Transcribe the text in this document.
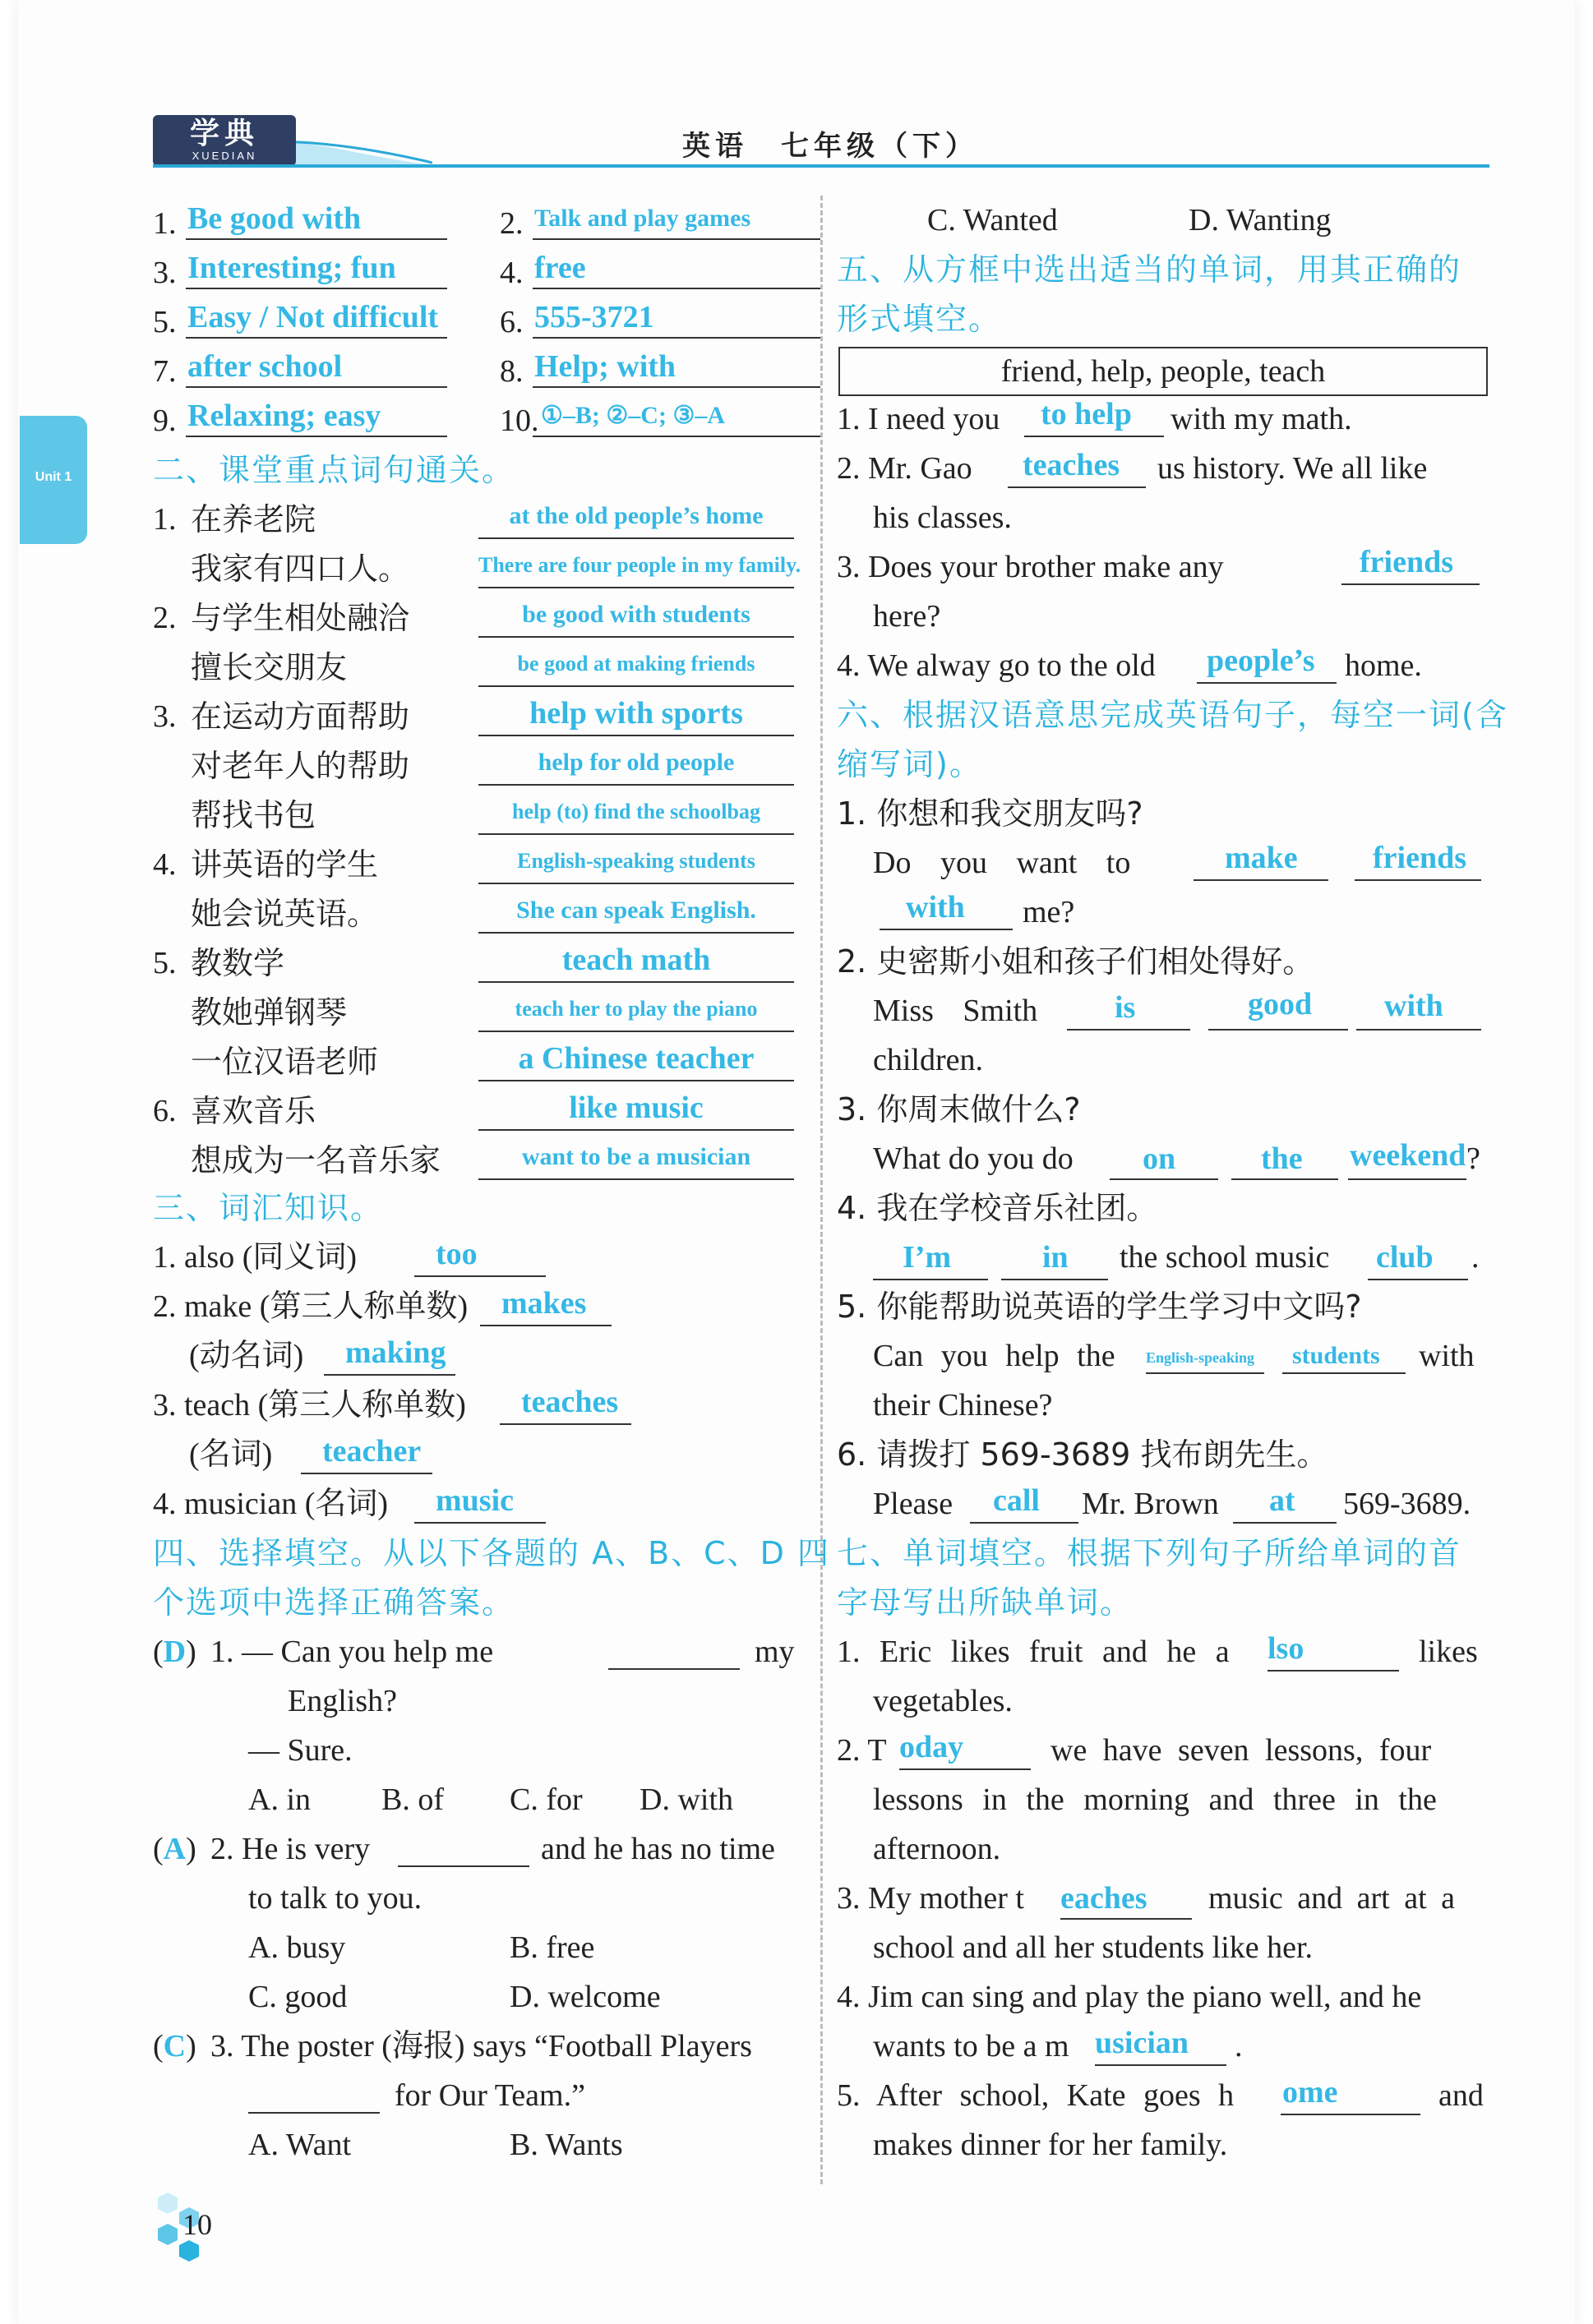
学典
XUEDIAN	英语　七年级（下）
Unit 1
1. Be good with	2. Talk and play games
3. Interesting; fun	4. free
5. Easy / Not difficult 6. 555-3721
7. after school	8. Help; with
9. Relaxing; easy	10. ①–B; ②–C; ③–A
二、课堂重点词句通关。
1. 在养老院	at the old people’s home
我家有四口人。	There are four people in my family.
2. 与学生相处融洽	be good with students
擅长交朋友	be good at making friends
3. 在运动方面帮助	help with sports
对老年人的帮助	help for old people
帮找书包	help (to) find the schoolbag
4. 讲英语的学生	English-speaking students
她会说英语。	She can speak English.
5. 教数学	teach math
教她弹钢琴	teach her to play the piano
一位汉语老师	a Chinese teacher
6. 喜欢音乐	like music
想成为一名音乐家	want to be a musician
三、词汇知识。
1. also (同义词)	too
2. make (第三人称单数) makes
(动名词) making
3. teach (第三人称单数) teaches
(名词) teacher
4. musician (名词) music
四、选择填空。从以下各题的 A、B、C、D 四
个选项中选择正确答案。
(D) 1. — Can you help me	my
English?
— Sure.
A. in B. of C. for D. with
(A) 2. He is very	and he has no time
to talk to you.
A. busy	B. free
C. good	D. welcome
(C) 3. The poster (海报) says “Football Players
for Our Team.”
A. Want	B. Wants
C. Wanted	D. Wanting
五、从方框中选出适当的单词，用其正确的
形式填空。
friend, help, people, teach
1. I need you to help with my math.
2. Mr. Gao teaches us history. We all like
his classes.
3. Does your brother make any	friends
here?
4. We alway go to the old people’s home.
六、根据汉语意思完成英语句子，每空一词(含
缩写词)。
1. 你想和我交朋友吗?
Do you want to	make friends
with me?
2. 史密斯小姐和孩子们相处得好。
Miss Smith is	good with
children.
3. 你周末做什么?
What do you do on	the weekend ?
4. 我在学校音乐社团。
I’m	in the school music club .
5. 你能帮助说英语的学生学习中文吗?
Can you help the English-speaking students with
their Chinese?
6. 请拨打 569-3689 找布朗先生。
Please call Mr. Brown at 569-3689.
七、单词填空。根据下列句子所给单词的首
字母写出所缺单词。
1. Eric likes fruit and he a lso	likes
vegetables.
2. T oday	we have seven lessons, four
lessons in the morning and three in the
afternoon.
3. My mother t eaches music and art at a
school and all her students like her.
4. Jim can sing and play the piano well, and he
wants to be a m usician .
5. After school, Kate goes h ome	and
makes dinner for her family.
10
